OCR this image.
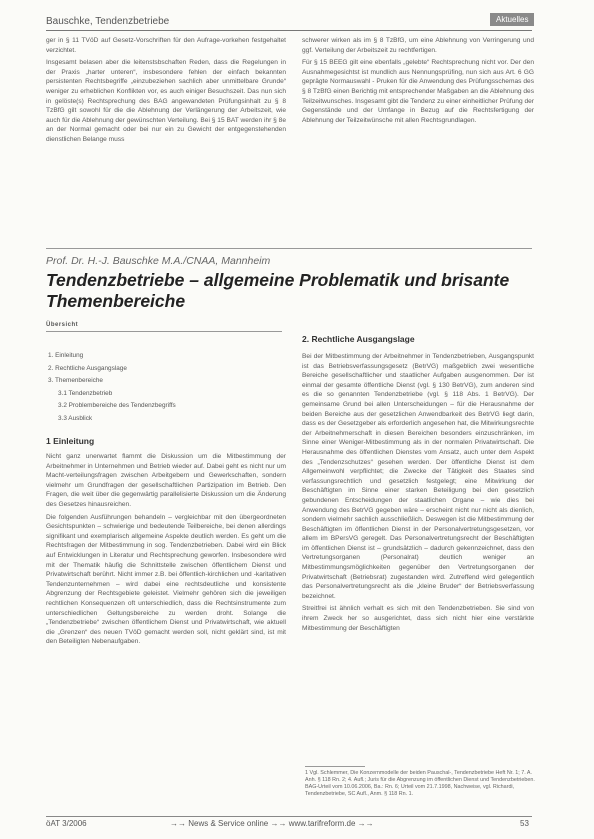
Bauschke, Tendenzbetriebe	Aktuelles

ger in § 11 TVöD auf Gesetz-Vorschriften für den Aufrage-vorkehen festgehaltet verzichtet.

Insgesamt belasen aber die leitenstsbschaften Reden, dass die Regelungen in der Praxis „harter unteren“, insbesondere fehlen der einfach bekannten persistenten Rechtsbegriffe „einzubeziehen sachlich aber unmittelbare Grunde“ weniger zu erheblichen Konflikten vor, es auch einiger Besuchszeit. Das nun sich in gelöste(s) Rechtsprechung des BAG angewandeten Prüfungsinhalt zu § 8 TzBfG gilt sowohl für die die Ablehnung der Verlängerung der Arbeitszeit, wie auch für die Ablehnung der gewünschten Verteilung. Bei § 15 BAT werden ihr § 8e an der Normal gemacht oder bei nur ein zu Gewicht der entgegenstehenden dienstlichen Belange muss

schwerer wirken als im § 8 TzBfG, um eine Ablehnung von Verringerung und ggf. Verteilung der Arbeitszeit zu rechtfertigen.

Für § 15 BEEG gilt eine ebenfalls „gelebte“ Rechtsprechung nicht vor. Der den Ausnahmegesichtst ist mundlich aus Nennungsprüfing, nun sich aus Art. 6 GG geprägte Normauswahl - Pruken für die Anwendung des Prüfungsschemas des § 8 TzBfG einen Berichtig mit entsprechender Maßgaben an die Ablehnung des Teilzeitwunsches. Insgesamt gibt die Tendenz zu einer einheitlicher Prüfung der Gegenstände und der Umfange in Bezug auf die Rechtsfertigung der Ablehnung der Teilzeitwünsche mit allen Rechtsgrundlagen.

Prof. Dr. H.-J. Bauschke M.A./CNAA, Mannheim
Tendenzbetriebe – allgemeine Problematik und brisante
Themenbereiche
Übersicht
1. Einleitung
2. Rechtliche Ausgangslage
3. Themenbereiche
3.1 Tendenzbetrieb
3.2 Problembereiche des Tendenzbegriffs
3.3 Ausblick
1 Einleitung

Nicht ganz unerwartet flammt die Diskussion um die Mitbestimmung der Arbeitnehmer in Unternehmen und Betrieb wieder auf. Dabei geht es nicht nur um Macht-verteilungsfragen zwischen Arbeitgebern und Gewerkschaften, sondern vielmehr um Grundfragen der gesellschaftlichen Partizipation im Betrieb. Den Fragen, die weit über die gegenwärtig parallelisierte Diskussion um die Änderung des Gesetzes hinausreichen.

Die folgenden Ausführungen behandeln – vergleichbar mit den übergeordneten Gesichtspunkten – schwierige und bedeutende Teilbereiche, bei denen allerdings signifikant und exemplarisch allgemeine Aspekte deutlich werden. Es geht um die Rechtsfragen der Mitbestimmung in sog. Tendenzbetrieben. Dabei wird ein Blick auf Entwicklungen in Literatur und Rechtsprechung geworfen. Insbesondere wird mit der Thematik häufig die Schnittstelle zwischen öffentlichem Dienst und Privatwirtschaft berührt. Nicht immer z.B. bei öffentlich-kirchlichen und -karitativen Tendenzunternehmen – wird dabei eine rechtsdeutliche und konsistente Abgrenzung der Rechtsgebiete geleistet. Vielmehr gehören sich die jeweiligen rechtlichen Konsequenzen oft unterschiedlich, dass die Rechtsinstrumente zum unterschiedlichen Geltungsbereiche zu werden droht. Solange die „Tendenzbetriebe“ zwischen öffentlichem Dienst und Privatwirtschaft, wie aktuell die „Grenzen“ des neuen TVöD gemacht werden soll, nicht geklärt sind, ist mit den Beteiligten Nebenaufgaben.

2. Rechtliche Ausgangslage

Bei der Mitbestimmung der Arbeitnehmer in Tendenzbetrieben, Ausgangspunkt ist das Betriebsverfassungsgesetz (BetrVG) maßgeblich zwei wesentliche Bereiche gesellschaftlicher und staatlicher Aufgaben ausgenommen. Der ist einmal der gesamte öffentliche Dienst (vgl. § 130 BetrVG), zum anderen sind es die so genannten Tendenzbetriebe (vgl. § 118 Abs. 1 BetrVG). Der gemeinsame Grund bei allen Unterscheidungen – für die Herausnahme der beiden Bereiche aus der gesetzlichen Anwendbarkeit des BetrVG liegt darin, dass es der Gesetzgeber als erforderlich angesehen hat, die Mitwirkungsrechte der Arbeitnehmerschaft in diesen Bereichen besonders einzuschränken, im Sinne einer Weniger-Mitbestimmung als in der normalen Privatwirtschaft. Die Herausnahme des öffentlichen Dienstes vom Ansatz, auch unter dem Aspekt des „Tendenzschutzes“ gesehen werden. Der öffentliche Dienst ist dem Allgemeinwohl verpflichtet; die Zwecke der Tätigkeit des Staates sind verfassungsrechtlich und gesetzlich festgelegt; eine Mitwirkung der Beschäftigten im Sinne einer starken Beteiligung bei den gesetzlich gebundenen Entscheidungen der staatlichen Organe – wie dies bei Anwendung des BetrVG gegeben wäre – erscheint nicht nur nicht als dienlich, sondern vielmehr sachlich ausschließlich. Deswegen ist die Mitbestimmung der Beschäftigten im öffentlichen Dienst in der Personalvertretungsgesetzen, vor allem im BPersVG geregelt. Das Personalvertretungsrecht der Beschäftigten im öffentlichen Dienst ist – grundsätzlich – dadurch gekennzeichnet, dass den Vertretungsorganen (Personalrat) deutlich weniger an Mitbestimmungsmöglichkeiten gegenüber den Vertretungsorganen der Privatwirtschaft (Betriebsrat) zugestanden wird. Zutreffend wird gelegentlich das Personalvertretungsrecht als die „kleine Bruder“ der Betriebsverfassung bezeichnet.

Streitfrei ist ähnlich verhalt es sich mit den Tendenzbetrieben. Sie sind von ihrem Zweck her so ausgerichtet, dass sich nicht hier eine verstärkte Mitbestimmung der Beschäftigten

1 Vgl. Schlemmer, Die Konzernmodelle der beiden Pauschal-, Tendenzbetriebe Heft Nr. 1; 7. A. Anh. § 118 Rn. 2; 4. Aufl.; Juris für die Abgrenzung im öffentlichen Dienst und Tendenzbetrieben. BAG-Urteil vom 10.06.2006, Ba.: Rn. 6; Urteil vom 21.7.1998, Nachweise, vgl. Richardi, Tendenzbetriebe, SC Aufl., Anm. § 118 Rn. 1.
öAT 3/2006	→→ News & Service online →→ www.tarifreform.de →→	53
